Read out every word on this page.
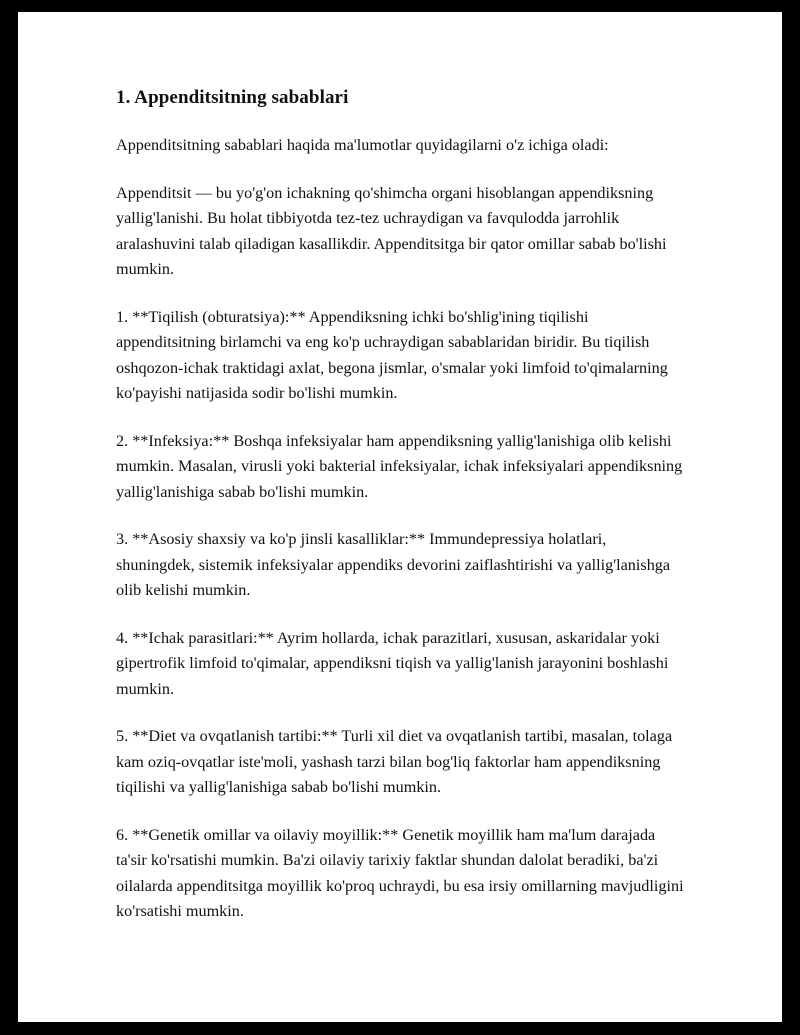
1. Appenditsitning sabablari

Appenditsitning sabablari haqida ma'lumotlar quyidagilarni o'z ichiga oladi:

Appenditsit — bu yo'g'on ichakning qo'shimcha organi hisoblangan appendiksning yallig'lanishi. Bu holat tibbiyotda tez-tez uchraydigan va favqulodda jarrohlik aralashuvini talab qiladigan kasallikdir. Appenditsitga bir qator omillar sabab bo'lishi mumkin.

1. **Tiqilish (obturatsiya):** Appendiksning ichki bo'shlig'ining tiqilishi appenditsitning birlamchi va eng ko'p uchraydigan sabablaridan biridir. Bu tiqilish oshqozon-ichak traktidagi axlat, begona jismlar, o'smalar yoki limfoid to'qimalarning ko'payishi natijasida sodir bo'lishi mumkin.

2. **Infeksiya:** Boshqa infeksiyalar ham appendiksning yallig'lanishiga olib kelishi mumkin. Masalan, virusli yoki bakterial infeksiyalar, ichak infeksiyalari appendiksning yallig'lanishiga sabab bo'lishi mumkin.

3. **Asosiy shaxsiy va ko'p jinsli kasalliklar:** Immundepressiya holatlari, shuningdek, sistemik infeksiyalar appendiks devorini zaiflashtirishi va yallig'lanishga olib kelishi mumkin.

4. **Ichak parasitlari:** Ayrim hollarda, ichak parazitlari, xususan, askaridalar yoki gipertrofik limfoid to'qimalar, appendiksni tiqish va yallig'lanish jarayonini boshlashi mumkin.

5. **Diet va ovqatlanish tartibi:** Turli xil diet va ovqatlanish tartibi, masalan, tolaga kam oziq-ovqatlar iste'moli, yashash tarzi bilan bog'liq faktorlar ham appendiksning tiqilishi va yallig'lanishiga sabab bo'lishi mumkin.

6. **Genetik omillar va oilaviy moyillik:** Genetik moyillik ham ma'lum darajada ta'sir ko'rsatishi mumkin. Ba'zi oilaviy tarixiy faktlar shundan dalolat beradiki, ba'zi oilalarda appenditsitga moyillik ko'proq uchraydi, bu esa irsiy omillarning mavjudligini ko'rsatishi mumkin.
